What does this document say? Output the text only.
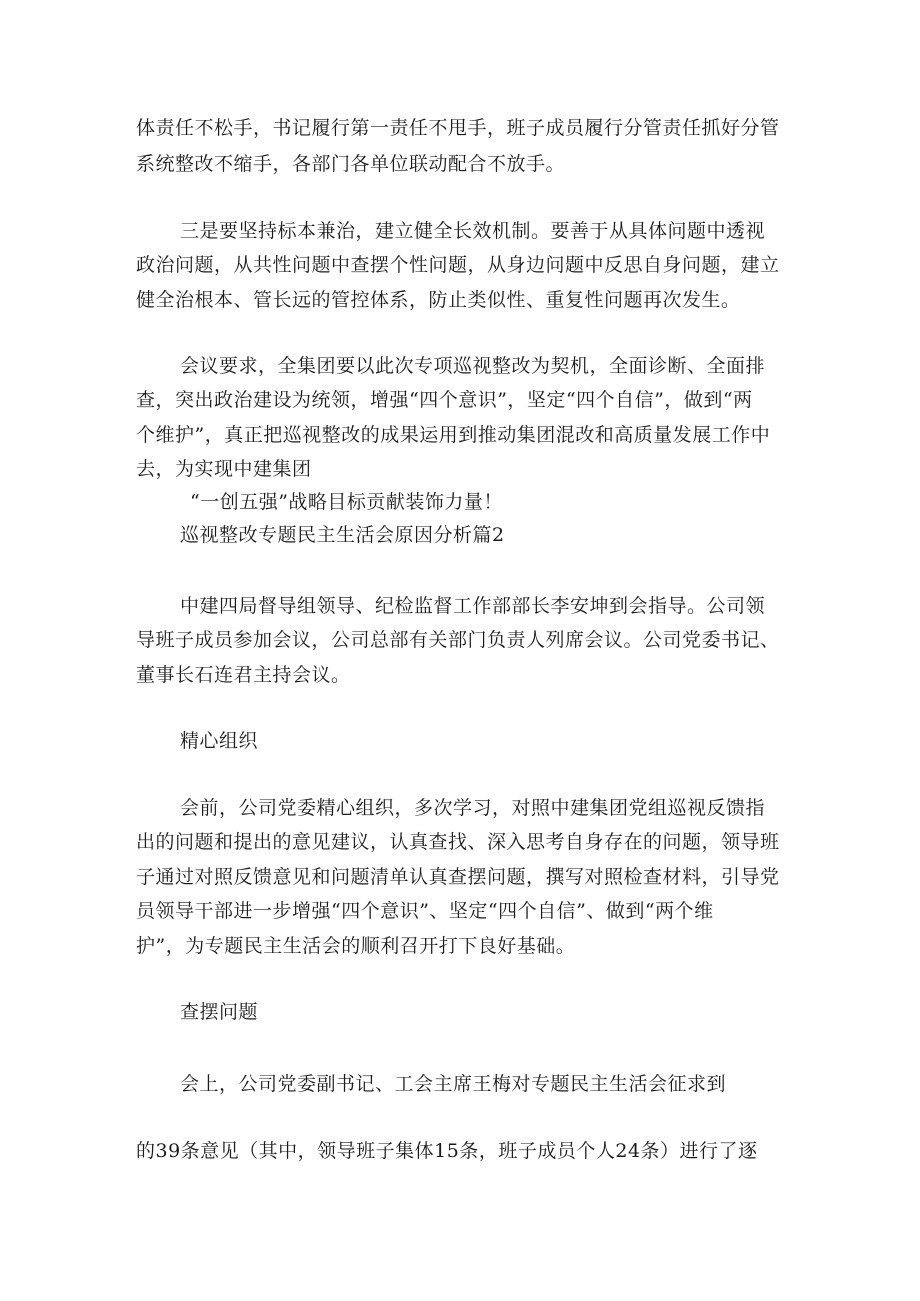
体责任不松手，书记履行第一责任不甩手，班子成员履行分管责任抓好分管
系统整改不缩手，各部门各单位联动配合不放手。
三是要坚持标本兼治，建立健全长效机制。要善于从具体问题中透视
政治问题，从共性问题中查摆个性问题，从身边问题中反思自身问题，建立
健全治根本、管长远的管控体系，防止类似性、重复性问题再次发生。
会议要求，全集团要以此次专项巡视整改为契机，全面诊断、全面排
查，突出政治建设为统领，增强“四个意识”，坚定“四个自信”，做到“两
个维护”，真正把巡视整改的成果运用到推动集团混改和高质量发展工作中
去，为实现中建集团
“一创五强”战略目标贡献装饰力量！
巡视整改专题民主生活会原因分析篇2
中建四局督导组领导、纪检监督工作部部长李安坤到会指导。公司领
导班子成员参加会议，公司总部有关部门负责人列席会议。公司党委书记、
董事长石连君主持会议。
精心组织
会前，公司党委精心组织，多次学习，对照中建集团党组巡视反馈指
出的问题和提出的意见建议，认真查找、深入思考自身存在的问题，领导班
子通过对照反馈意见和问题清单认真查摆问题，撰写对照检查材料，引导党
员领导干部进一步增强“四个意识”、坚定“四个自信”、做到“两个维
护”，为专题民主生活会的顺利召开打下良好基础。
查摆问题
会上，公司党委副书记、工会主席王梅对专题民主生活会征求到
的39条意见（其中，领导班子集体15条，班子成员个人24条）进行了逐
